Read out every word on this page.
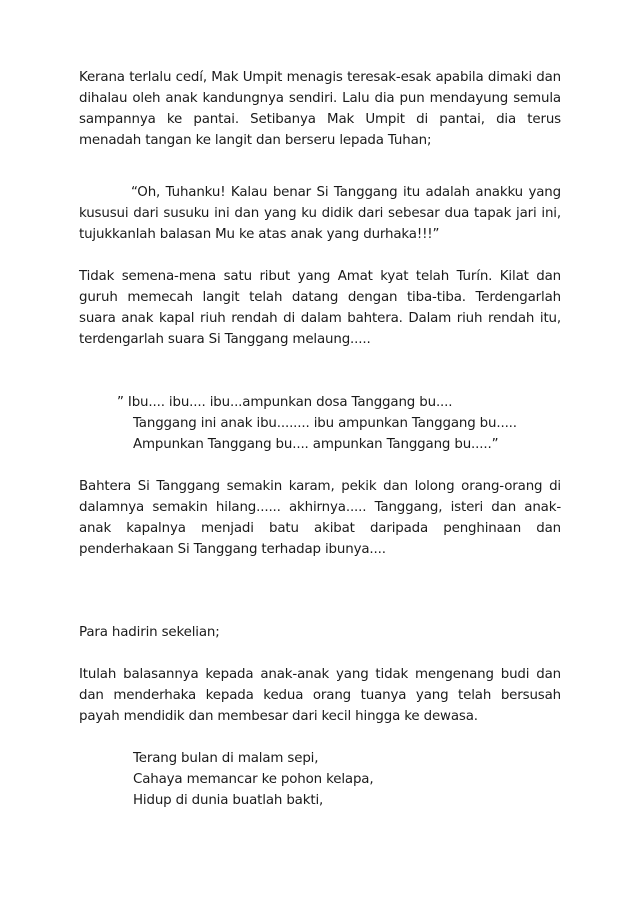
Kerana terlalu cedí, Mak Umpit menagis teresak-esak apabila dimaki dan dihalau oleh anak kandungnya sendiri. Lalu dia pun mendayung semula sampannya ke pantai. Setibanya Mak Umpit di pantai, dia terus menadah tangan ke langit dan berseru lepada Tuhan;

“Oh, Tuhanku! Kalau benar Si Tanggang itu adalah anakku yang kususui dari susuku ini dan yang ku didik dari sebesar dua tapak jari ini, tujukkanlah balasan Mu ke atas anak yang durhaka!!!”

Tidak semena-mena satu ribut yang Amat kyat telah Turín. Kilat dan guruh memecah langit telah datang dengan tiba-tiba. Terdengarlah suara anak kapal riuh rendah di dalam bahtera. Dalam riuh rendah itu, terdengarlah suara Si Tanggang melaung.....

” Ibu.... ibu.... ibu...ampunkan dosa Tanggang bu....

Tanggang ini anak ibu........ ibu ampunkan Tanggang bu.....

Ampunkan Tanggang bu.... ampunkan Tanggang bu.....”

Bahtera Si Tanggang semakin karam, pekik dan lolong orang-orang di dalamnya semakin hilang...... akhirnya..... Tanggang, isteri dan anak-anak kapalnya menjadi batu akibat daripada penghinaan dan penderhakaan Si Tanggang terhadap ibunya....

Para hadirin sekelian;

Itulah balasannya kepada anak-anak yang tidak mengenang budi dan dan menderhaka kepada kedua orang tuanya yang telah bersusah payah mendidik dan membesar dari kecil hingga ke dewasa.

Terang bulan di malam sepi,

Cahaya memancar ke pohon kelapa,

Hidup di dunia buatlah bakti,
